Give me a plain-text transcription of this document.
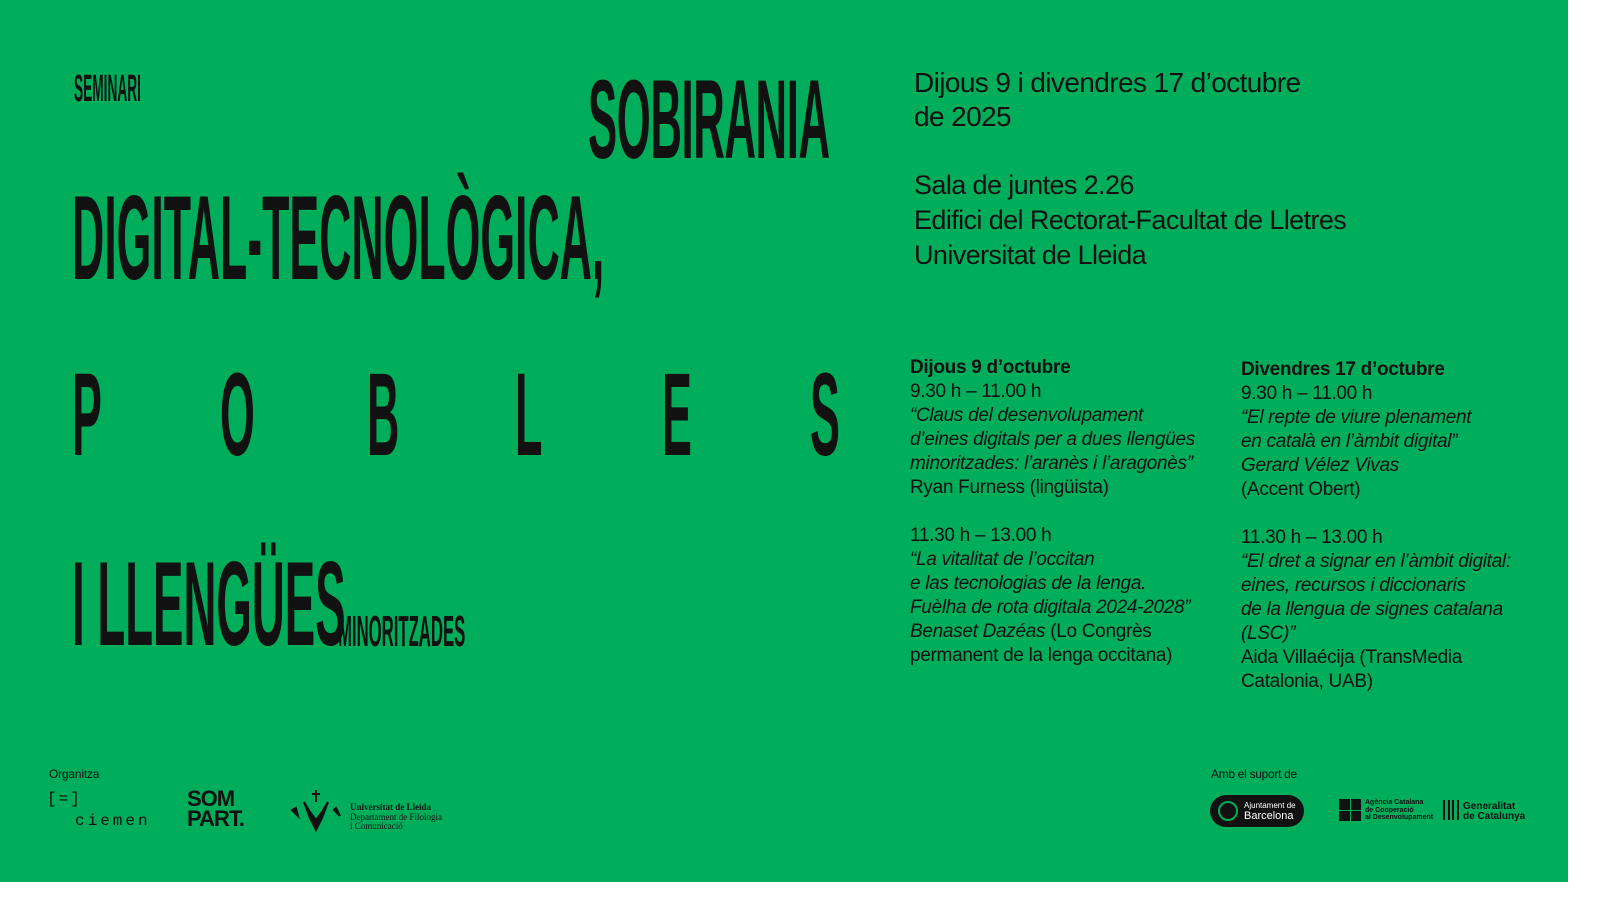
SEMINARI	SOBIRANIA
DIGITAL-TECNOLÒGICA,
P O B L E S
I LLENGÜES
MINORITZADES
Dijous 9 i divendres 17 d’octubre
de 2025
Sala de juntes 2.26
Edifici del Rectorat-Facultat de Lletres
Universitat de Lleida
Dijous 9 d’octubre
9.30 h – 11.00 h
“Claus del desenvolupament
d’eines digitals per a dues llengües
minoritzades: l’aranès i l’aragonès”
Ryan Furness (lingüista)
11.30 h – 13.00 h
“La vitalitat de l’occitan
e las tecnologias de la lenga.
Fuèlha de rota digitala 2024-2028”
Benaset Dazéas (Lo Congrès
permanent de la lenga occitana)
Divendres 17 d’octubre
9.30 h – 11.00 h
“El repte de viure plenament
en català en l’àmbit digital”
Gerard Vélez Vivas
(Accent Obert)
11.30 h – 13.00 h
“El dret a signar en l’àmbit digital:
eines, recursos i diccionaris
de la llengua de signes catalana
(LSC)”
Aida Villaécija (TransMedia
Catalonia, UAB)
Organitza	Amb el suport de
[=]
ciemen
SOM
PART.	Universitat de Lleida
Departament de Filologia
i Comunicació
Ajuntament de
Barcelona
Agència Catalana
de Cooperació
al Desenvolupament
Generalitat
de Catalunya
